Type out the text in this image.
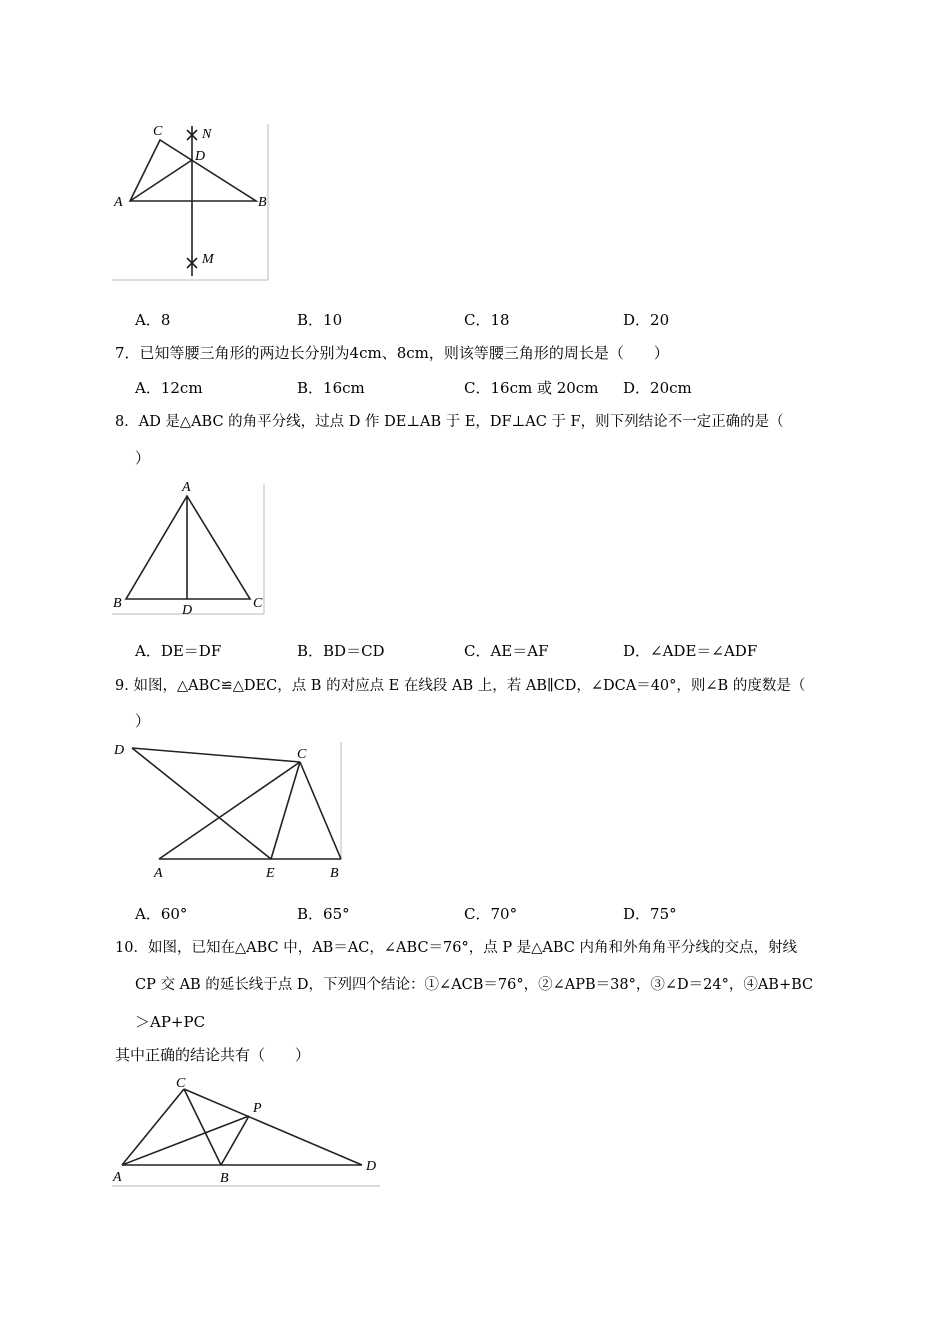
C	N
D
A	B
M
A．8	B．10	C．18	D．20
7．已知等腰三角形的两边长分别为4cm、8cm，则该等腰三角形的周长是（　　）
A．12cm	B．16cm	C．16cm 或 20cm D．20cm
8．AD 是△ABC 的角平分线，过点 D 作 DE⊥AB 于 E，DF⊥AC 于 F，则下列结论不一定正确的是（
）
A
B	D	C
A．DE＝DF	B．BD＝CD	C．AE＝AF	D．∠ADE＝∠ADF
9. 如图，△ABC≌△DEC，点 B 的对应点 E 在线段 AB 上，若 AB∥CD，∠DCA＝40°，则∠B 的度数是（
）
D	C
A	E	B
A．60°	B．65°	C．70°	D．75°
10．如图，已知在△ABC 中，AB＝AC，∠ABC＝76°，点 P 是△ABC 内角和外角角平分线的交点，射线
CP 交 AB 的延长线于点 D，下列四个结论：①∠ACB＝76°，②∠APB＝38°，③∠D＝24°，④AB+BC
＞AP+PC
其中正确的结论共有（　　）
C
P
A	B
D
